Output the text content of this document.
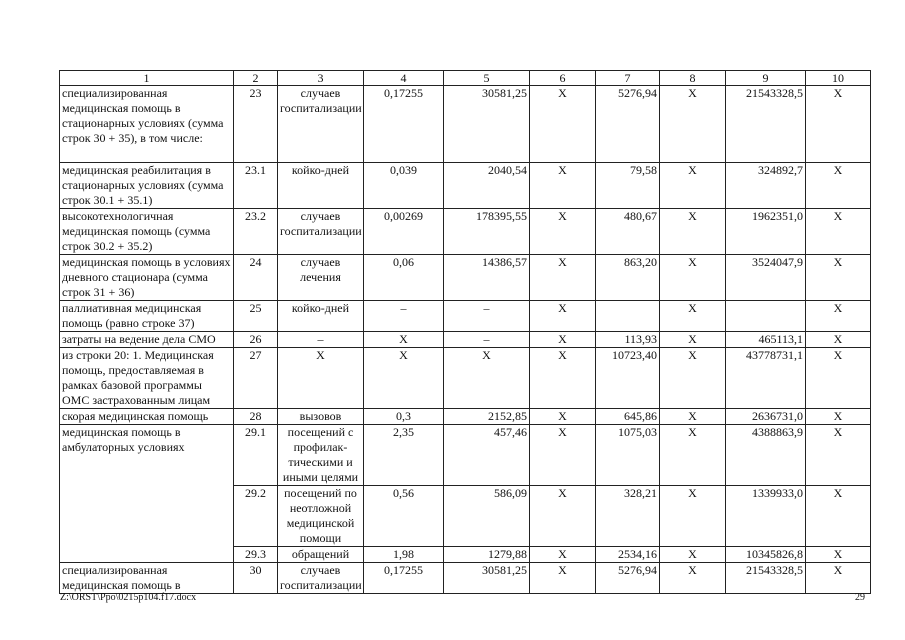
1	2	3	4	5	6	7	8	9	10
специализированная медицинская помощь в стационарных условиях (сумма строк 30 + 35), в том числе:	23	случаев госпитализации	0,17255	30581,25	X	5276,94	X	21543328,5	X
медицинская реабилитация в стационарных условиях (сумма строк 30.1 + 35.1)	23.1	койко-дней	0,039	2040,54	X	79,58	X	324892,7	X
высокотехнологичная медицинская помощь (сумма строк 30.2 + 35.2)	23.2	случаев госпитализации	0,00269	178395,55	X	480,67	X	1962351,0	X
медицинская помощь в условиях дневного стационара (сумма строк 31 + 36)	24	случаев лечения	0,06	14386,57	X	863,20	X	3524047,9	X
паллиативная медицинская помощь (равно строке 37)	25	койко-дней	–	–	X		X		X
затраты на ведение дела СМО	26	–	X	–	X	113,93	X	465113,1	X
из строки 20: 1. Медицинская помощь, предоставляемая в рамках базовой программы ОМС застрахованным лицам	27	X	X	X	X	10723,40	X	43778731,1	X
скорая медицинская помощь	28	вызовов	0,3	2152,85	X	645,86	X	2636731,0	X
медицинская помощь в амбулаторных условиях	29.1	посещений с профилак-тическими и иными целями	2,35	457,46	X	1075,03	X	4388863,9	X
	29.2	посещений по неотложной медицинской помощи	0,56	586,09	X	328,21	X	1339933,0	X
	29.3	обращений	1,98	1279,88	X	2534,16	X	10345826,8	X
специализированная медицинская помощь в	30	случаев госпитализации	0,17255	30581,25	X	5276,94	X	21543328,5	X
Z:\ORST\Ppo\0215p104.f17.docx	29
